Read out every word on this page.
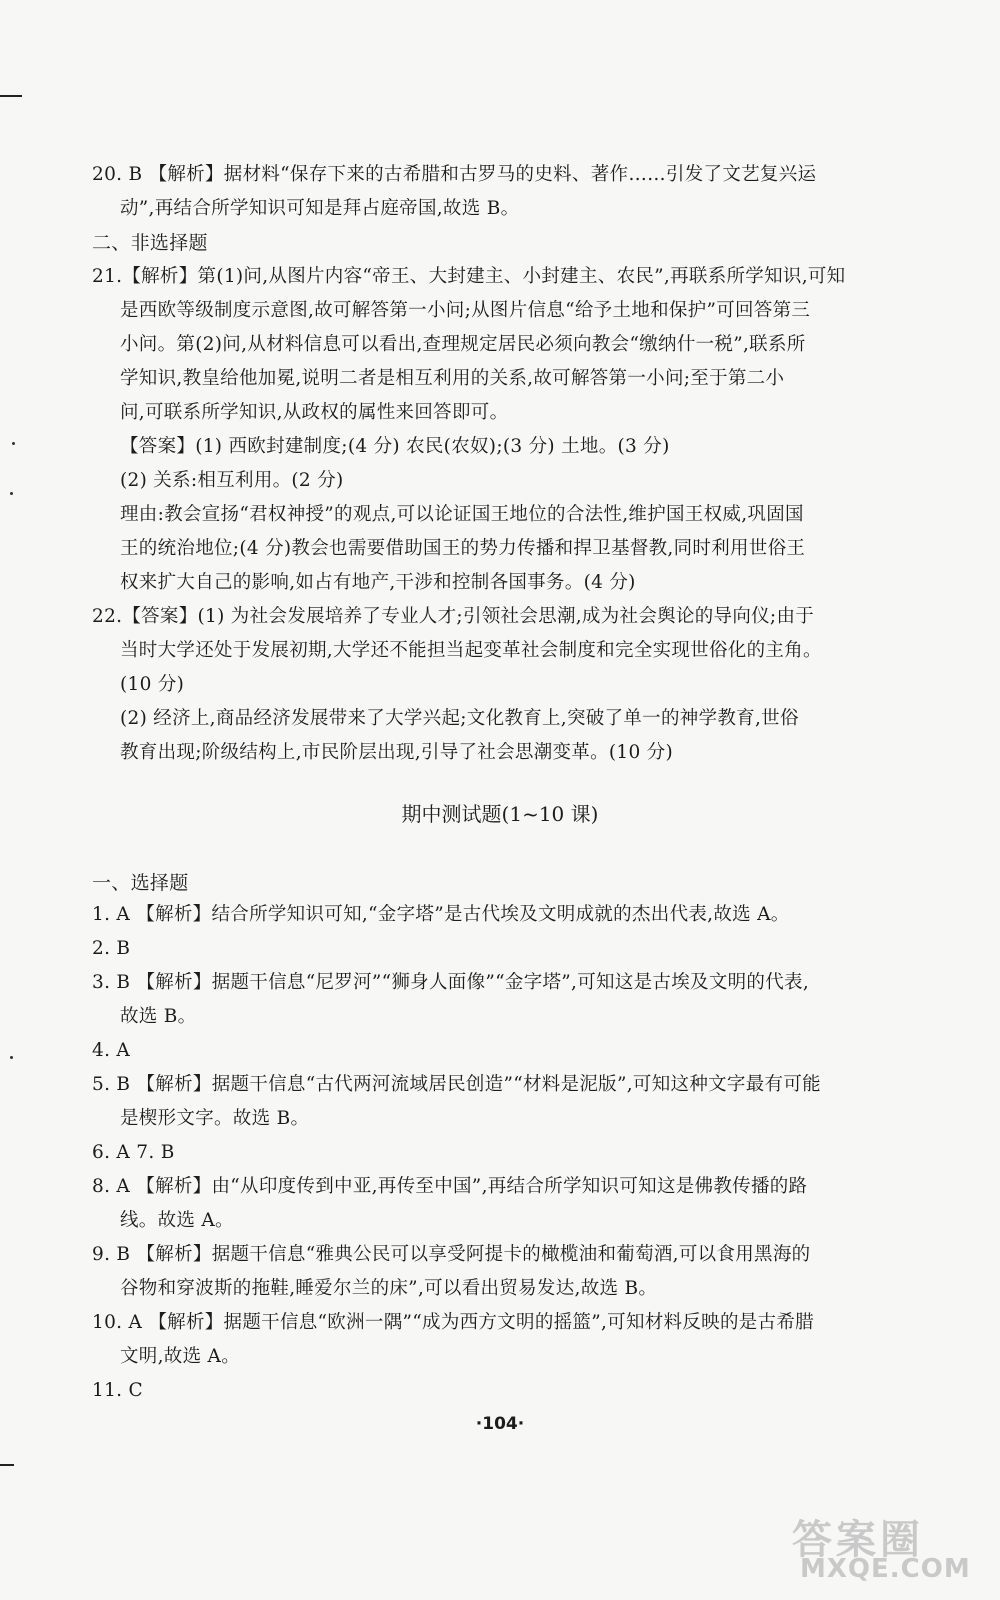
20. B 【解析】据材料“保存下来的古希腊和古罗马的史料、著作……引发了文艺复兴运
动”,再结合所学知识可知是拜占庭帝国,故选 B。
二、非选择题
21.【解析】第(1)问,从图片内容“帝王、大封建主、小封建主、农民”,再联系所学知识,可知
是西欧等级制度示意图,故可解答第一小问;从图片信息“给予土地和保护”可回答第三
小问。第(2)问,从材料信息可以看出,查理规定居民必须向教会“缴纳什一税”,联系所
学知识,教皇给他加冕,说明二者是相互利用的关系,故可解答第一小问;至于第二小
问,可联系所学知识,从政权的属性来回答即可。
【答案】(1) 西欧封建制度;(4 分) 农民(农奴);(3 分) 土地。(3 分)
(2) 关系:相互利用。(2 分)
理由:教会宣扬“君权神授”的观点,可以论证国王地位的合法性,维护国王权威,巩固国
王的统治地位;(4 分)教会也需要借助国王的势力传播和捍卫基督教,同时利用世俗王
权来扩大自己的影响,如占有地产,干涉和控制各国事务。(4 分)
22.【答案】(1) 为社会发展培养了专业人才;引领社会思潮,成为社会舆论的导向仪;由于
当时大学还处于发展初期,大学还不能担当起变革社会制度和完全实现世俗化的主角。
(10 分)
(2) 经济上,商品经济发展带来了大学兴起;文化教育上,突破了单一的神学教育,世俗
教育出现;阶级结构上,市民阶层出现,引导了社会思潮变革。(10 分)
期中测试题(1~10 课)
一、选择题
1. A 【解析】结合所学知识可知,“金字塔”是古代埃及文明成就的杰出代表,故选 A。
2. B
3. B 【解析】据题干信息“尼罗河”“狮身人面像”“金字塔”,可知这是古埃及文明的代表,
故选 B。
4. A
5. B 【解析】据题干信息“古代两河流域居民创造”“材料是泥版”,可知这种文字最有可能
是楔形文字。故选 B。
6. A 7. B
8. A 【解析】由“从印度传到中亚,再传至中国”,再结合所学知识可知这是佛教传播的路
线。故选 A。
9. B 【解析】据题干信息“雅典公民可以享受阿提卡的橄榄油和葡萄酒,可以食用黑海的
谷物和穿波斯的拖鞋,睡爱尔兰的床”,可以看出贸易发达,故选 B。
10. A 【解析】据题干信息“欧洲一隅”“成为西方文明的摇篮”,可知材料反映的是古希腊
文明,故选 A。
11. C
·104·
答案圈
MXQE.COM
